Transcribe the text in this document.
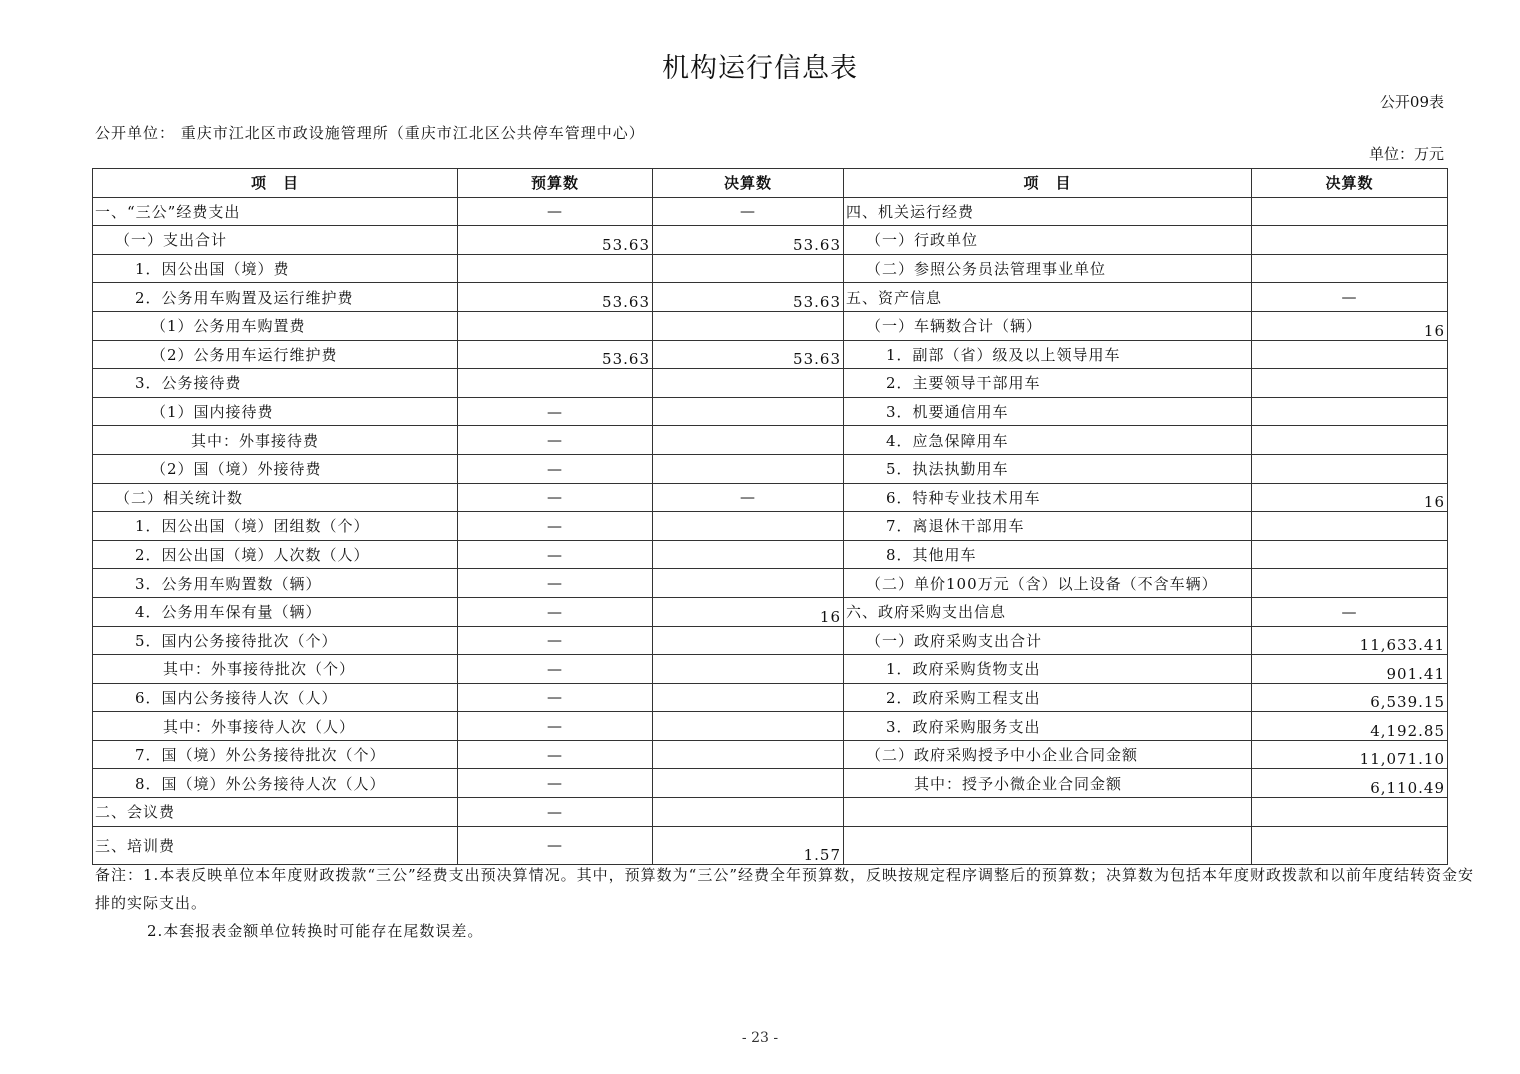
机构运行信息表
公开09表
公开单位： 重庆市江北区市政设施管理所（重庆市江北区公共停车管理中心）
单位：万元
项　目	预算数	决算数	项　目	决算数
一、“三公”经费支出	—	—	四、机关运行经费	
（一）支出合计	53.63	53.63	（一）行政单位	
1．因公出国（境）费			（二）参照公务员法管理事业单位	
2．公务用车购置及运行维护费	53.63	53.63	五、资产信息	—
（1）公务用车购置费			（一）车辆数合计（辆）	16
（2）公务用车运行维护费	53.63	53.63	1．副部（省）级及以上领导用车	
3．公务接待费			2．主要领导干部用车	
（1）国内接待费	—		3．机要通信用车	
其中：外事接待费	—		4．应急保障用车	
（2）国（境）外接待费	—		5．执法执勤用车	
（二）相关统计数	—	—	6．特种专业技术用车	16
1．因公出国（境）团组数（个）	—		7．离退休干部用车	
2．因公出国（境）人次数（人）	—		8．其他用车	
3．公务用车购置数（辆）	—		（二）单价100万元（含）以上设备（不含车辆）	
4．公务用车保有量（辆）	—	16	六、政府采购支出信息	—
5．国内公务接待批次（个）	—		（一）政府采购支出合计	11,633.41
其中：外事接待批次（个）	—		1．政府采购货物支出	901.41
6．国内公务接待人次（人）	—		2．政府采购工程支出	6,539.15
其中：外事接待人次（人）	—		3．政府采购服务支出	4,192.85
7．国（境）外公务接待批次（个）	—		（二）政府采购授予中小企业合同金额	11,071.10
8．国（境）外公务接待人次（人）	—		其中：授予小微企业合同金额	6,110.49
二、会议费	—			
三、培训费	—	1.57		

备注：1.本表反映单位本年度财政拨款“三公”经费支出预决算情况。其中，预算数为“三公”经费全年预算数，反映按规定程序调整后的预算数；决算数为包括本年度财政拨款和以前年度结转资金安排的实际支出。

2.本套报表金额单位转换时可能存在尾数误差。

- 23 -
